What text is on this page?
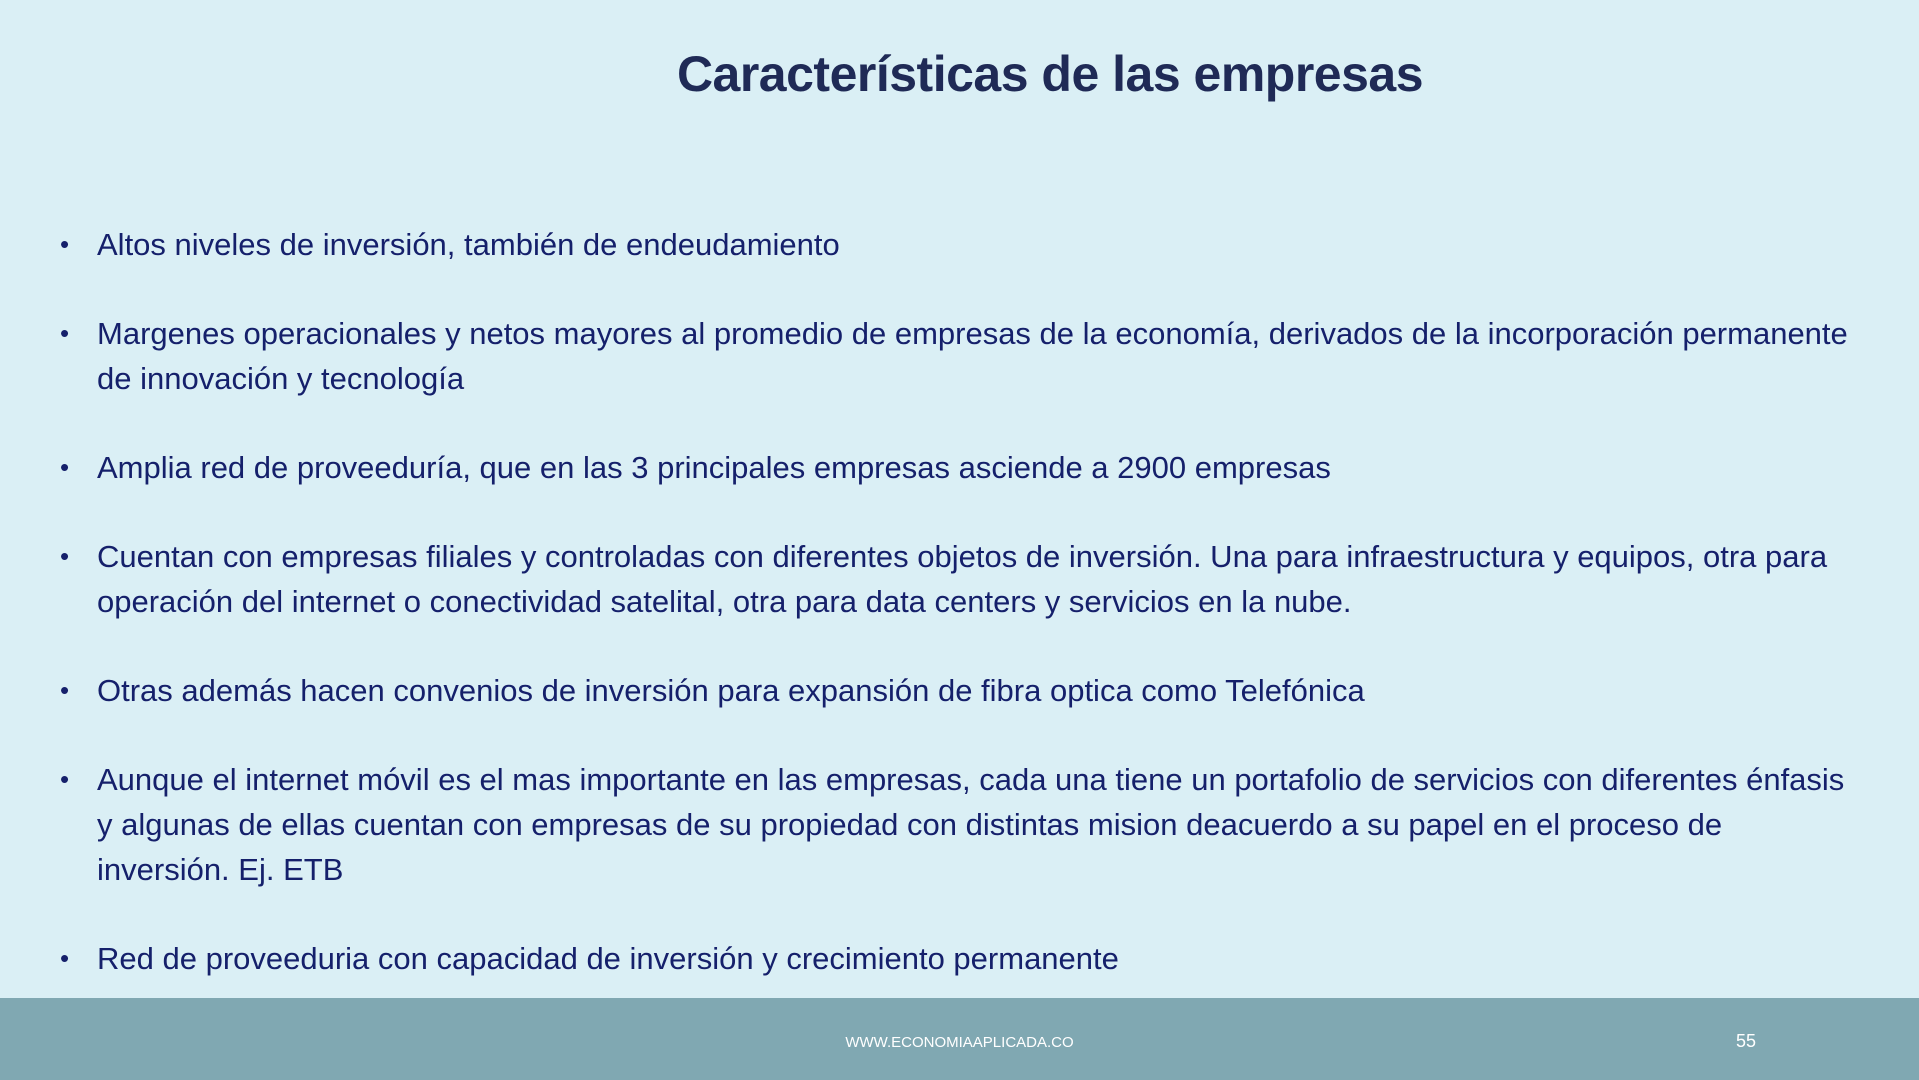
Características de las empresas
• Altos niveles de inversión, también de endeudamiento
• Margenes operacionales y netos mayores al promedio de empresas de la economía, derivados de la incorporación permanente de innovación y tecnología
• Amplia red de proveeduría, que en las 3 principales empresas asciende a 2900 empresas
• Cuentan con empresas filiales y controladas con diferentes objetos de inversión. Una para infraestructura y equipos, otra para operación del internet o conectividad satelital, otra para data centers y servicios en la nube.
• Otras además hacen convenios de inversión para expansión de fibra optica como Telefónica
• Aunque el internet móvil es el mas importante en las empresas, cada una tiene un portafolio de servicios con diferentes énfasis y algunas de ellas cuentan con empresas de su propiedad con distintas mision deacuerdo a su papel en el proceso de inversión. Ej. ETB
• Red de proveeduria con capacidad de inversión y crecimiento permanente
WWW.ECONOMIAAPLICADA.CO	55
